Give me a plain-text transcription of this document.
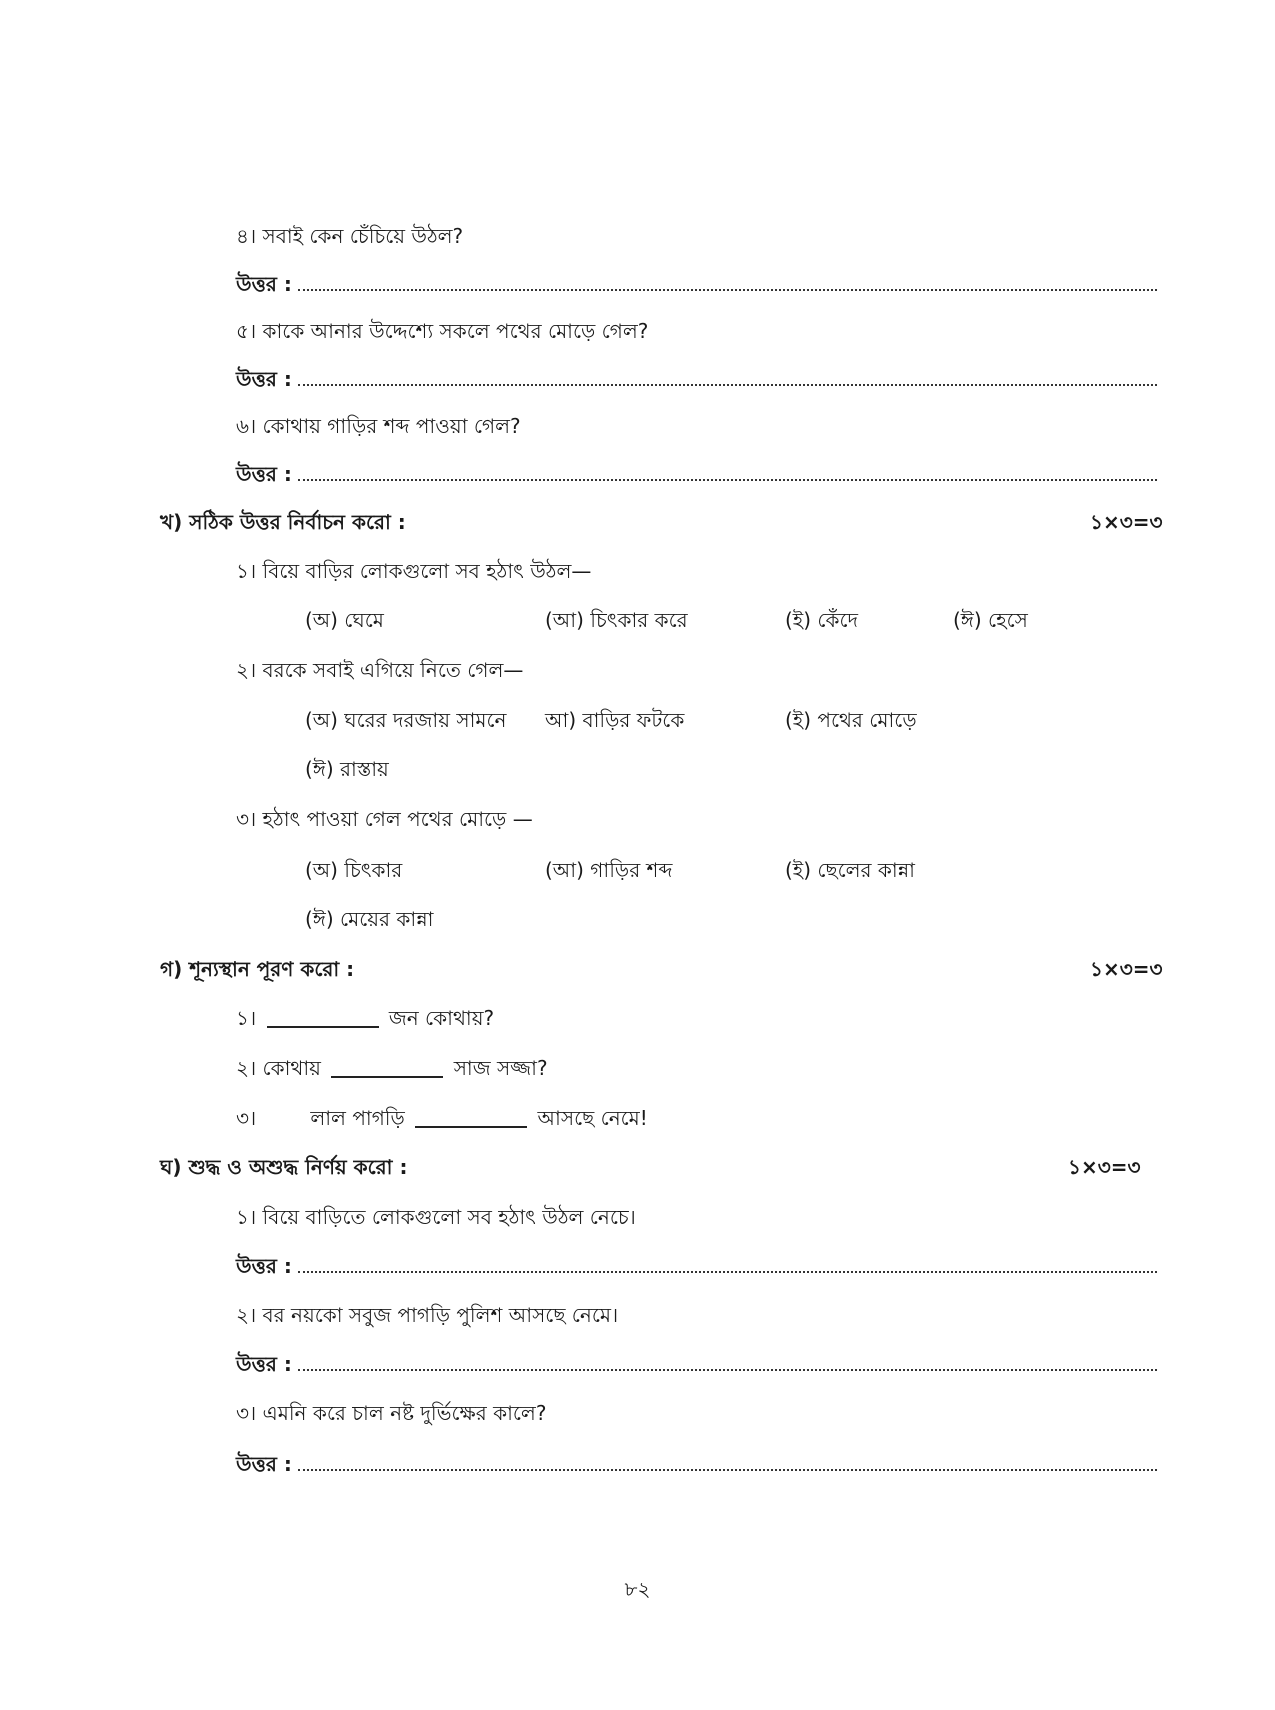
৪। সবাই কেন চেঁচিয়ে উঠল?
উত্তর :
৫। কাকে আনার উদ্দেশ্যে সকলে পথের মোড়ে গেল?
উত্তর :
৬। কোথায় গাড়ির শব্দ পাওয়া গেল?
উত্তর :
খ) সঠিক উত্তর নির্বাচন করো :	১×৩=৩
১। বিয়ে বাড়ির লোকগুলো সব হঠাৎ উঠল—
(অ) ঘেমে	(আ) চিৎকার করে	(ই) কেঁদে	(ঈ) হেসে
২। বরকে সবাই এগিয়ে নিতে গেল—
(অ) ঘরের দরজায় সামনে আ) বাড়ির ফটকে	(ই) পথের মোড়ে
(ঈ) রাস্তায়
৩। হঠাৎ পাওয়া গেল পথের মোড়ে —
(অ) চিৎকার	(আ) গাড়ির শব্দ	(ই) ছেলের কান্না
(ঈ) মেয়ের কান্না
গ) শূন্যস্থান পূরণ করো :	১×৩=৩
১।	জন কোথায়?
২। কোথায়	সাজ সজ্জা?
৩।	লাল পাগড়ি	আসছে নেমে!
ঘ) শুদ্ধ ও অশুদ্ধ নির্ণয় করো :	১×৩=৩
১। বিয়ে বাড়িতে লোকগুলো সব হঠাৎ উঠল নেচে।
উত্তর :
২। বর নয়কো সবুজ পাগড়ি পুলিশ আসছে নেমে।
উত্তর :
৩। এমনি করে চাল নষ্ট দুর্ভিক্ষের কালে?
উত্তর :
৮২
